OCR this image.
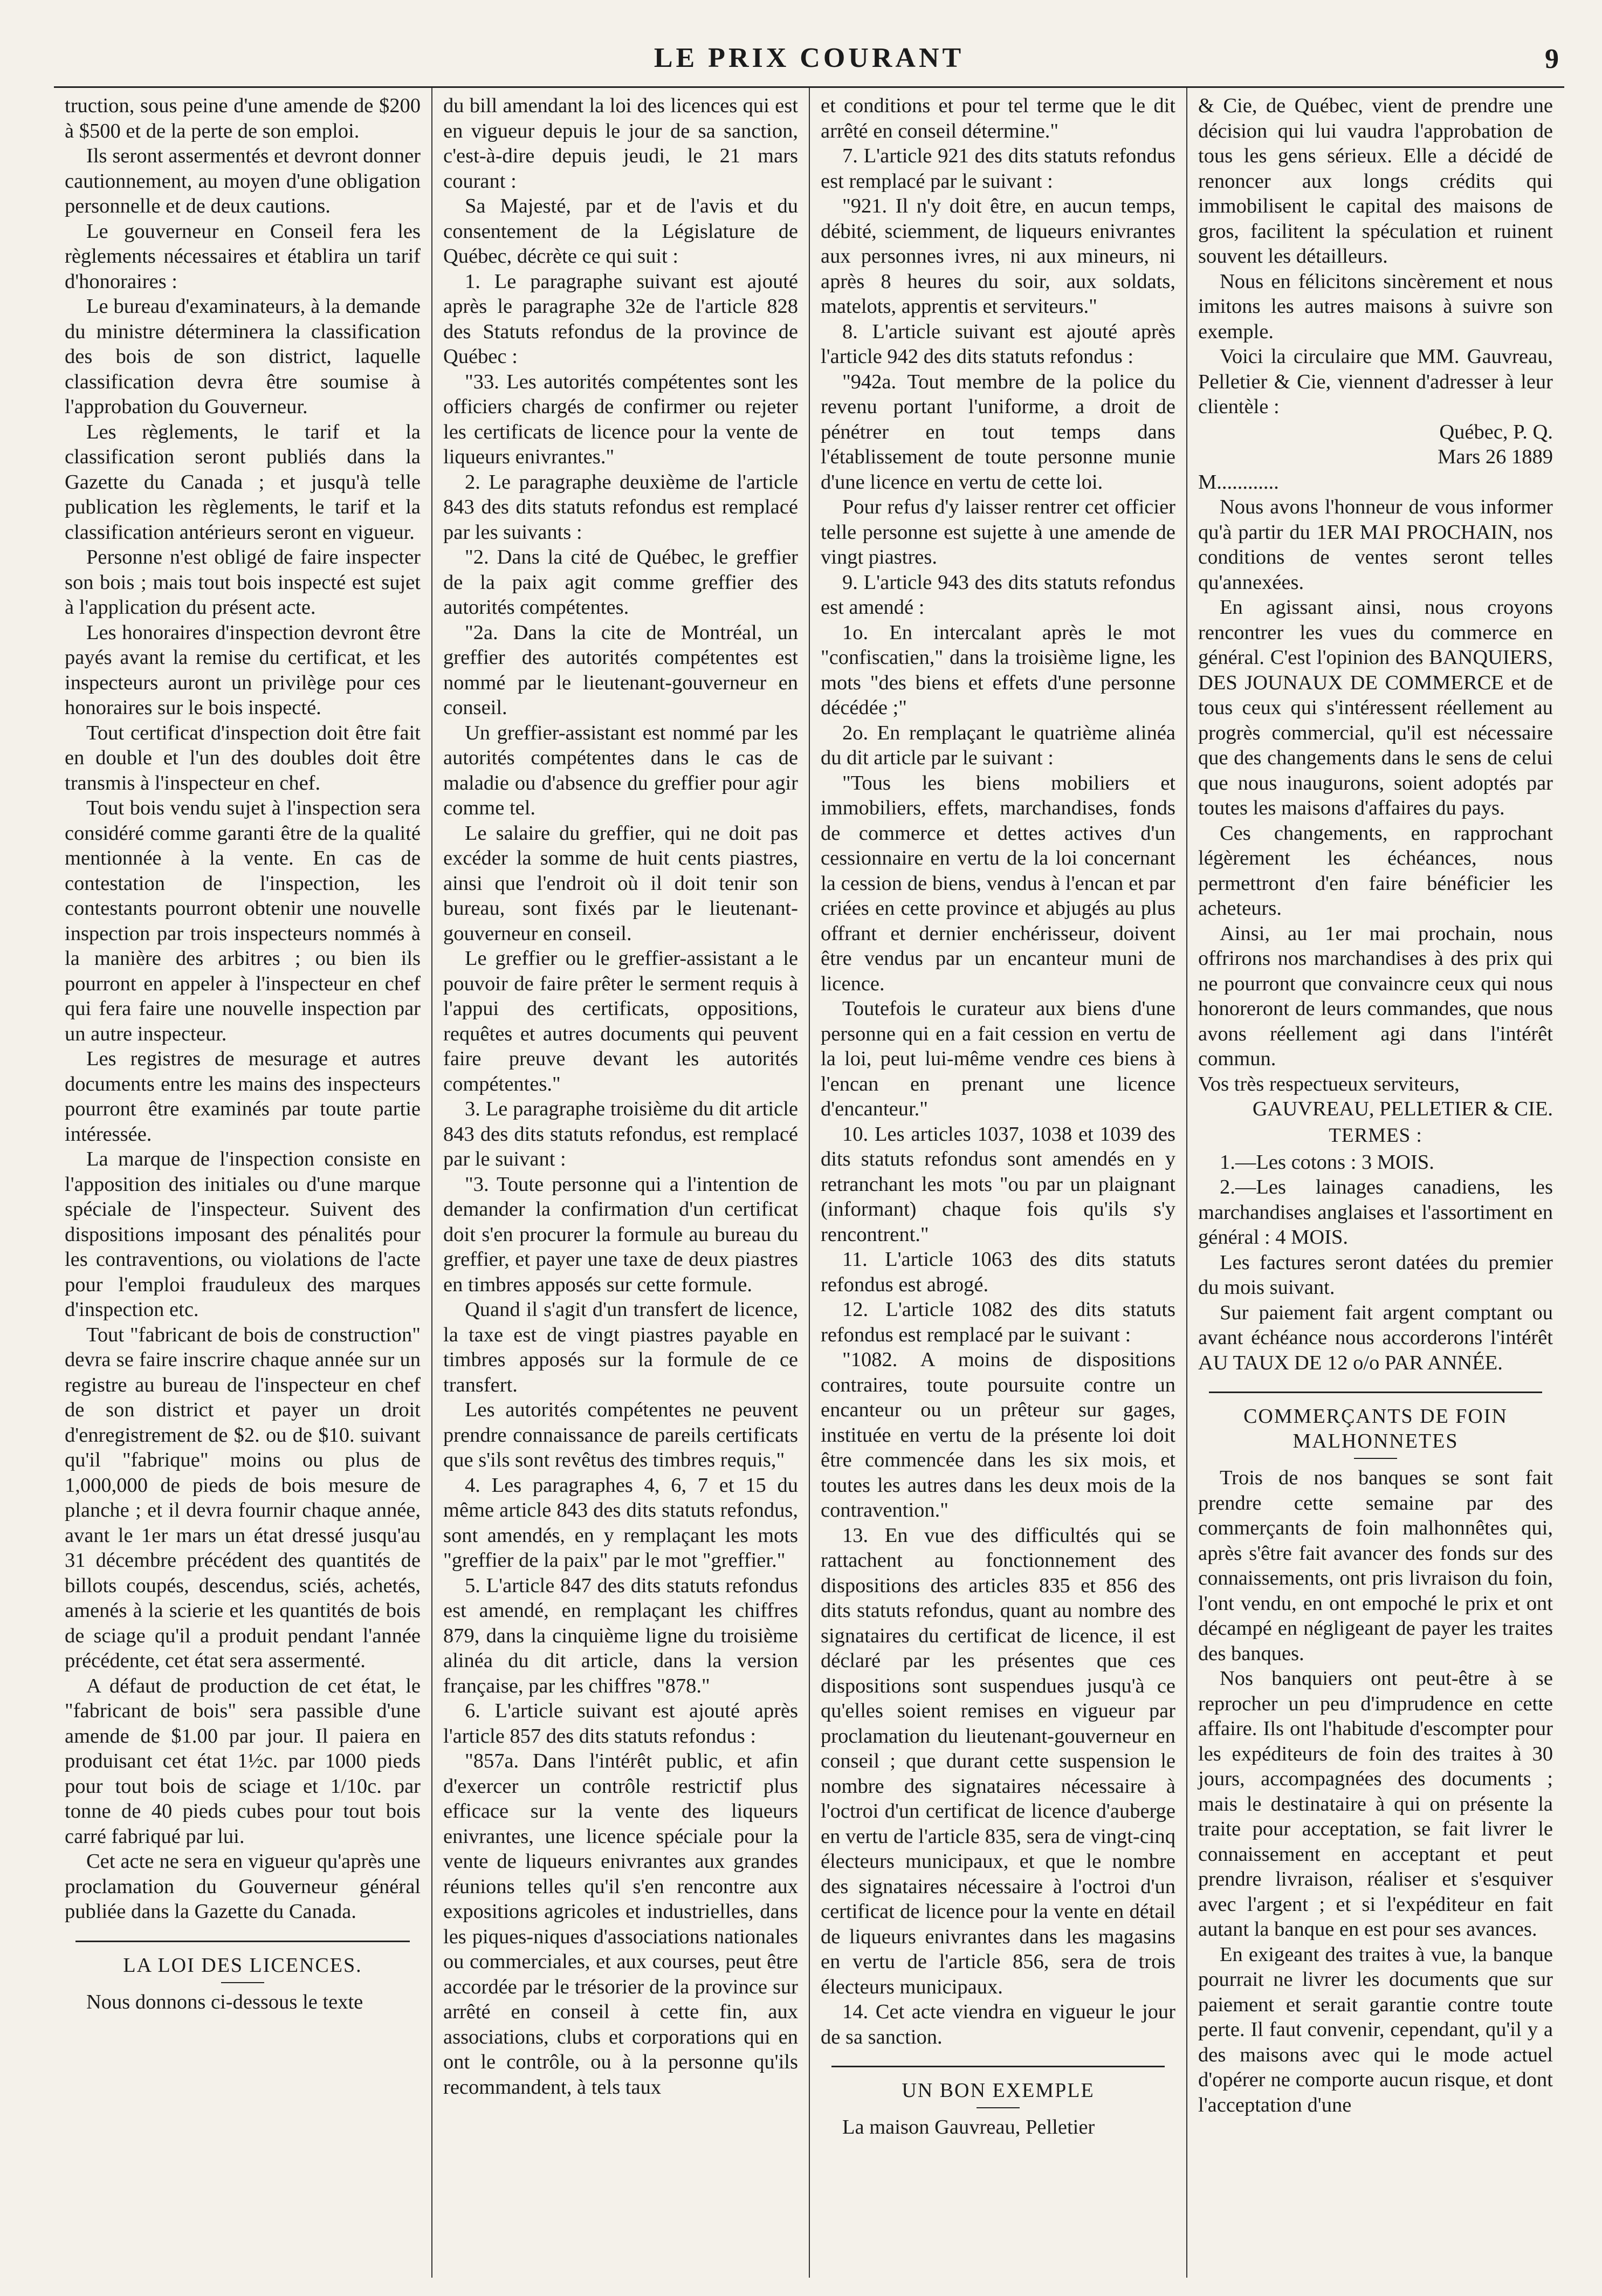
LE PRIX COURANT	9

truction, sous peine d'une amende de $200 à $500 et de la perte de son emploi.

Ils seront assermentés et devront donner cautionnement, au moyen d'une obligation personnelle et de deux cautions.

Le gouverneur en Conseil fera les règlements nécessaires et établira un tarif d'honoraires :

Le bureau d'examinateurs, à la demande du ministre déterminera la classification des bois de son district, laquelle classification devra être soumise à l'approbation du Gouverneur.

Les règlements, le tarif et la classification seront publiés dans la Gazette du Canada ; et jusqu'à telle publication les règlements, le tarif et la classification antérieurs seront en vigueur.

Personne n'est obligé de faire inspecter son bois ; mais tout bois inspecté est sujet à l'application du présent acte.

Les honoraires d'inspection devront être payés avant la remise du certificat, et les inspecteurs auront un privilège pour ces honoraires sur le bois inspecté.

Tout certificat d'inspection doit être fait en double et l'un des doubles doit être transmis à l'inspecteur en chef.

Tout bois vendu sujet à l'inspection sera considéré comme garanti être de la qualité mentionnée à la vente. En cas de contestation de l'inspection, les contestants pourront obtenir une nouvelle inspection par trois inspecteurs nommés à la manière des arbitres ; ou bien ils pourront en appeler à l'inspecteur en chef qui fera faire une nouvelle inspection par un autre inspecteur.

Les registres de mesurage et autres documents entre les mains des inspecteurs pourront être examinés par toute partie intéressée.

La marque de l'inspection consiste en l'apposition des initiales ou d'une marque spéciale de l'inspecteur. Suivent des dispositions imposant des pénalités pour les contraventions, ou violations de l'acte pour l'emploi frauduleux des marques d'inspection etc.

Tout "fabricant de bois de construction" devra se faire inscrire chaque année sur un registre au bureau de l'inspecteur en chef de son district et payer un droit d'enregistrement de $2. ou de $10. suivant qu'il "fabrique" moins ou plus de 1,000,000 de pieds de bois mesure de planche ; et il devra fournir chaque année, avant le 1er mars un état dressé jusqu'au 31 décembre précédent des quantités de billots coupés, descendus, sciés, achetés, amenés à la scierie et les quantités de bois de sciage qu'il a produit pendant l'année précédente, cet état sera assermenté.

A défaut de production de cet état, le "fabricant de bois" sera passible d'une amende de $1.00 par jour. Il paiera en produisant cet état 1½c. par 1000 pieds pour tout bois de sciage et 1/10c. par tonne de 40 pieds cubes pour tout bois carré fabriqué par lui.

Cet acte ne sera en vigueur qu'après une proclamation du Gouverneur général publiée dans la Gazette du Canada.

LA LOI DES LICENCES.

Nous donnons ci-dessous le texte

du bill amendant la loi des licences qui est en vigueur depuis le jour de sa sanction, c'est-à-dire depuis jeudi, le 21 mars courant :

Sa Majesté, par et de l'avis et du consentement de la Législature de Québec, décrète ce qui suit :

1. Le paragraphe suivant est ajouté après le paragraphe 32e de l'article 828 des Statuts refondus de la province de Québec :

"33. Les autorités compétentes sont les officiers chargés de confirmer ou rejeter les certificats de licence pour la vente de liqueurs enivrantes."

2. Le paragraphe deuxième de l'article 843 des dits statuts refondus est remplacé par les suivants :

"2. Dans la cité de Québec, le greffier de la paix agit comme greffier des autorités compétentes.

"2a. Dans la cite de Montréal, un greffier des autorités compétentes est nommé par le lieutenant-gouverneur en conseil.

Un greffier-assistant est nommé par les autorités compétentes dans le cas de maladie ou d'absence du greffier pour agir comme tel.

Le salaire du greffier, qui ne doit pas excéder la somme de huit cents piastres, ainsi que l'endroit où il doit tenir son bureau, sont fixés par le lieutenant-gouverneur en conseil.

Le greffier ou le greffier-assistant a le pouvoir de faire prêter le serment requis à l'appui des certificats, oppositions, requêtes et autres documents qui peuvent faire preuve devant les autorités compétentes."

3. Le paragraphe troisième du dit article 843 des dits statuts refondus, est remplacé par le suivant :

"3. Toute personne qui a l'intention de demander la confirmation d'un certificat doit s'en procurer la formule au bureau du greffier, et payer une taxe de deux piastres en timbres apposés sur cette formule.

Quand il s'agit d'un transfert de licence, la taxe est de vingt piastres payable en timbres apposés sur la formule de ce transfert.

Les autorités compétentes ne peuvent prendre connaissance de pareils certificats que s'ils sont revêtus des timbres requis,"

4. Les paragraphes 4, 6, 7 et 15 du même article 843 des dits statuts refondus, sont amendés, en y remplaçant les mots "greffier de la paix" par le mot "greffier."

5. L'article 847 des dits statuts refondus est amendé, en remplaçant les chiffres 879, dans la cinquième ligne du troisième alinéa du dit article, dans la version française, par les chiffres "878."

6. L'article suivant est ajouté après l'article 857 des dits statuts refondus :

"857a. Dans l'intérêt public, et afin d'exercer un contrôle restrictif plus efficace sur la vente des liqueurs enivrantes, une licence spéciale pour la vente de liqueurs enivrantes aux grandes réunions telles qu'il s'en rencontre aux expositions agricoles et industrielles, dans les piques-niques d'associations nationales ou commerciales, et aux courses, peut être accordée par le trésorier de la province sur arrêté en conseil à cette fin, aux associations, clubs et corporations qui en ont le contrôle, ou à la personne qu'ils recommandent, à tels taux

et conditions et pour tel terme que le dit arrêté en conseil détermine."

7. L'article 921 des dits statuts refondus est remplacé par le suivant :

"921. Il n'y doit être, en aucun temps, débité, sciemment, de liqueurs enivrantes aux personnes ivres, ni aux mineurs, ni après 8 heures du soir, aux soldats, matelots, apprentis et serviteurs."

8. L'article suivant est ajouté après l'article 942 des dits statuts refondus :

"942a. Tout membre de la police du revenu portant l'uniforme, a droit de pénétrer en tout temps dans l'établissement de toute personne munie d'une licence en vertu de cette loi.

Pour refus d'y laisser rentrer cet officier telle personne est sujette à une amende de vingt piastres.

9. L'article 943 des dits statuts refondus est amendé :

1o. En intercalant après le mot "confiscatien," dans la troisième ligne, les mots "des biens et effets d'une personne décédée ;"

2o. En remplaçant le quatrième alinéa du dit article par le suivant :

"Tous les biens mobiliers et immobiliers, effets, marchandises, fonds de commerce et dettes actives d'un cessionnaire en vertu de la loi concernant la cession de biens, vendus à l'encan et par criées en cette province et abjugés au plus offrant et dernier enchérisseur, doivent être vendus par un encanteur muni de licence.

Toutefois le curateur aux biens d'une personne qui en a fait cession en vertu de la loi, peut lui-même vendre ces biens à l'encan en prenant une licence d'encanteur."

10. Les articles 1037, 1038 et 1039 des dits statuts refondus sont amendés en y retranchant les mots "ou par un plaignant (informant) chaque fois qu'ils s'y rencontrent."

11. L'article 1063 des dits statuts refondus est abrogé.

12. L'article 1082 des dits statuts refondus est remplacé par le suivant :

"1082. A moins de dispositions contraires, toute poursuite contre un encanteur ou un prêteur sur gages, instituée en vertu de la présente loi doit être commencée dans les six mois, et toutes les autres dans les deux mois de la contravention."

13. En vue des difficultés qui se rattachent au fonctionnement des dispositions des articles 835 et 856 des dits statuts refondus, quant au nombre des signataires du certificat de licence, il est déclaré par les présentes que ces dispositions sont suspendues jusqu'à ce qu'elles soient remises en vigueur par proclamation du lieutenant-gouverneur en conseil ; que durant cette suspension le nombre des signataires nécessaire à l'octroi d'un certificat de licence d'auberge en vertu de l'article 835, sera de vingt-cinq électeurs municipaux, et que le nombre des signataires nécessaire à l'octroi d'un certificat de licence pour la vente en détail de liqueurs enivrantes dans les magasins en vertu de l'article 856, sera de trois électeurs municipaux.

14. Cet acte viendra en vigueur le jour de sa sanction.

UN BON EXEMPLE

La maison Gauvreau, Pelletier

& Cie, de Québec, vient de prendre une décision qui lui vaudra l'approbation de tous les gens sérieux. Elle a décidé de renoncer aux longs crédits qui immobilisent le capital des maisons de gros, facilitent la spéculation et ruinent souvent les détailleurs.

Nous en félicitons sincèrement et nous imitons les autres maisons à suivre son exemple.

Voici la circulaire que MM. Gauvreau, Pelletier & Cie, viennent d'adresser à leur clientèle :

Québec, P. Q.

Mars 26 1889

M............

Nous avons l'honneur de vous informer qu'à partir du 1ER MAI PROCHAIN, nos conditions de ventes seront telles qu'annexées.

En agissant ainsi, nous croyons rencontrer les vues du commerce en général. C'est l'opinion des BANQUIERS, DES JOUNAUX DE COMMERCE et de tous ceux qui s'intéressent réellement au progrès commercial, qu'il est nécessaire que des changements dans le sens de celui que nous inaugurons, soient adoptés par toutes les maisons d'affaires du pays.

Ces changements, en rapprochant légèrement les échéances, nous permettront d'en faire bénéficier les acheteurs.

Ainsi, au 1er mai prochain, nous offrirons nos marchandises à des prix qui ne pourront que convaincre ceux qui nous honoreront de leurs commandes, que nous avons réellement agi dans l'intérêt commun.

Vos très respectueux serviteurs,

GAUVREAU, PELLETIER & CIE.

TERMES :

1.—Les cotons : 3 MOIS.

2.—Les lainages canadiens, les marchandises anglaises et l'assortiment en général : 4 MOIS.

Les factures seront datées du premier du mois suivant.

Sur paiement fait argent comptant ou avant échéance nous accorderons l'intérêt AU TAUX DE 12 o/o PAR ANNÉE.

COMMERÇANTS DE FOIN
MALHONNETES

Trois de nos banques se sont fait prendre cette semaine par des commerçants de foin malhonnêtes qui, après s'être fait avancer des fonds sur des connaissements, ont pris livraison du foin, l'ont vendu, en ont empoché le prix et ont décampé en négligeant de payer les traites des banques.

Nos banquiers ont peut-être à se reprocher un peu d'imprudence en cette affaire. Ils ont l'habitude d'escompter pour les expéditeurs de foin des traites à 30 jours, accompagnées des documents ; mais le destinataire à qui on présente la traite pour acceptation, se fait livrer le connaissement en acceptant et peut prendre livraison, réaliser et s'esquiver avec l'argent ; et si l'expéditeur en fait autant la banque en est pour ses avances.

En exigeant des traites à vue, la banque pourrait ne livrer les documents que sur paiement et serait garantie contre toute perte. Il faut convenir, cependant, qu'il y a des maisons avec qui le mode actuel d'opérer ne comporte aucun risque, et dont l'acceptation d'une
